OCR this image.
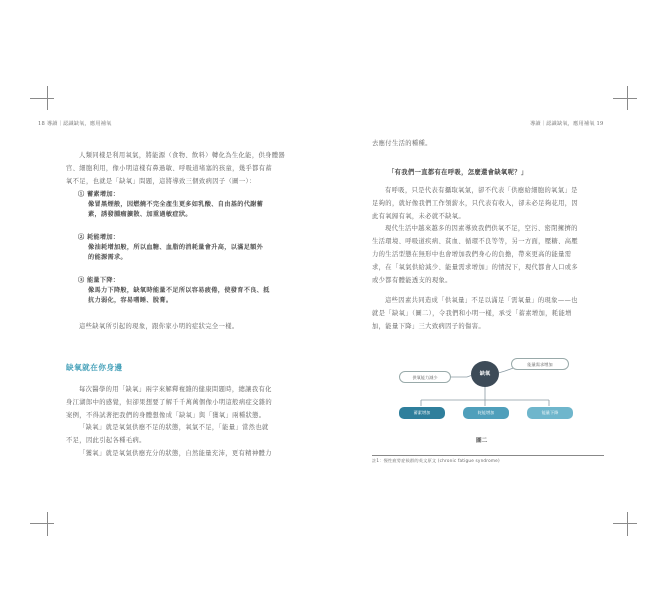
18 導讀｜認識缺氧，應用補氧

人類同樣是利用氧氣，將能源（食物、飲料）轉化為生化能，供身體器

官、細胞利用，像小明這樣有鼻過敏、呼吸道堵塞的孩童，幾乎都有蓄

氧不足，也就是「缺氧」問題，這將導致三個致病因子（圖一）：

① 蓄素增加：
像冒黑煙般，因燃燒不完全產生更多如乳酸、自由基的代謝蓄
素，誘發腫瘤擴散、加重過敏症狀。
② 耗能增加：
像油耗增加般，所以血糖、血脂的消耗量會升高，以滿足額外
的能源需求。
③ 能量下降：
像馬力下降般，缺氧時能量不足所以容易疲倦，使發育不良、抵
抗力弱化，容易嗜睡、脫膏。

這些缺氧所引起的現象，跟你家小明的症狀完全一樣。

缺氧就在你身邊

每次醫學的用「缺氧」兩字來解釋複雜的健康問題時，總讓我有化

身江湖郎中的感覺，但卻果想要了解千千萬萬個像小明這般病症交雜的

案例，不得試著把我們的身體想像成「缺氧」與「獲氧」兩種狀態。

「缺氧」就是氧氣供應不足的狀態，氧氣不足，「能量」當然也就

不足，因此引起各種毛病。

「獲氧」就是氧氣供應充分的狀態，自然能量充沛，更有精神體力

導讀｜認識缺氧，應用補氧 19

去應付生活的種種。

「有我們一直都有在呼吸，怎麼還會缺氧呢？」

有呼吸，只是代表有攝取氧氣，卻不代表「供應給細胞的氧氣」是

足夠的，就好像我們工作領薪水，只代表有收入，卻未必足夠花用，因

此有氧歸有氧，未必就不缺氧。

現代生活中越來越多的因素導致我們供氧不足，空污、密閉擁擠的

生活環境、呼吸道疾病、貧血、循環不良等等，另一方面，壓糖、高壓

力的生活型態在無形中也會增加我們身心的負擔，帶來更高的能量需

求，在「氧氣供給減少、能量需求增加」的情況下，現代都會人口或多

或少都有體能透支的現象。

這些因素共同造成「供氧量」不足以滿足「需氧量」的現象——也

就是「缺氧」（圖二），令我們和小明一樣，承受「蓄素增加，耗能增

加，能量下降」三大致病因子的傷害。

供氧能力減少
能量需求增加
缺氧
蓄素增加	耗能增加	能量下降
圖二
註1：慢性疲勞症候群的英文原文 (chronic fatigue syndrome)
